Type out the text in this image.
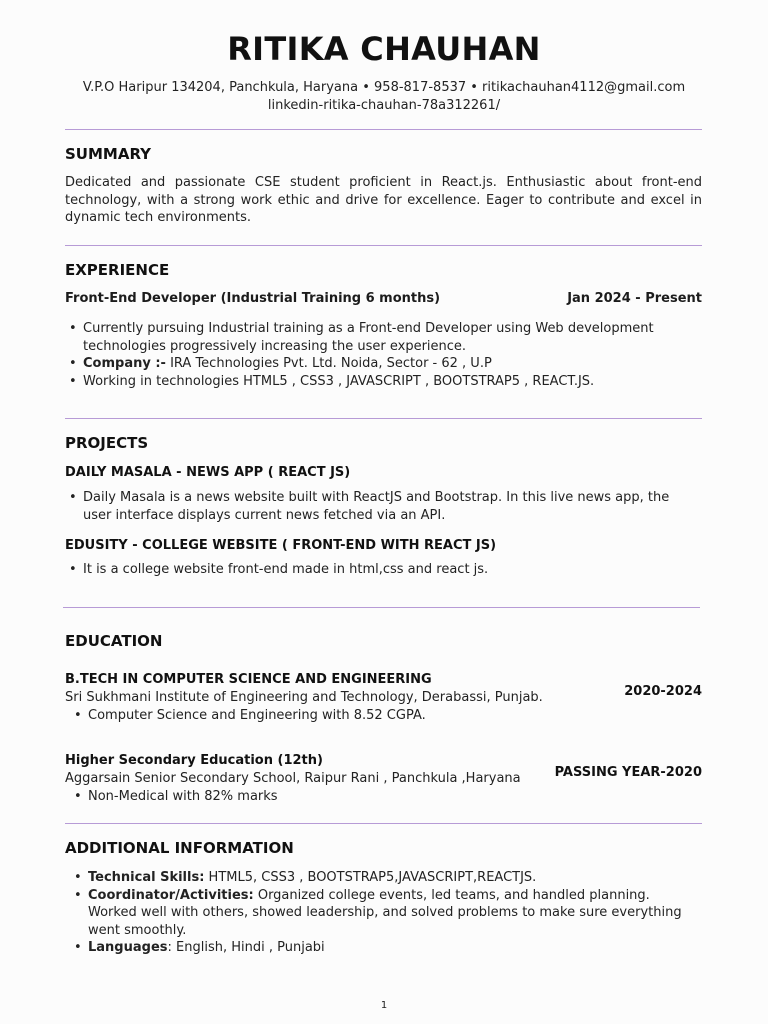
RITIKA CHAUHAN
V.P.O Haripur 134204, Panchkula, Haryana • 958-817-8537 • ritikachauhan4112@gmail.com
linkedin-ritika-chauhan-78a312261/
SUMMARY
Dedicated and passionate CSE student proficient in React.js. Enthusiastic about front-end technology, with a strong work ethic and drive for excellence. Eager to contribute and excel in dynamic tech environments.
EXPERIENCE
Front-End Developer (Industrial Training 6 months)	Jan 2024 - Present
• Currently pursuing Industrial training as a Front-end Developer using Web development technologies progressively increasing the user experience.
• Company :- IRA Technologies Pvt. Ltd. Noida, Sector - 62 , U.P
• Working in technologies HTML5 , CSS3 , JAVASCRIPT , BOOTSTRAP5 , REACT.JS.
PROJECTS
DAILY MASALA - NEWS APP ( REACT JS)
• Daily Masala is a news website built with ReactJS and Bootstrap. In this live news app, the user interface displays current news fetched via an API.
EDUSITY - COLLEGE WEBSITE ( FRONT-END WITH REACT JS)
• It is a college website front-end made in html,css and react js.
EDUCATION
B.TECH IN COMPUTER SCIENCE AND ENGINEERING
Sri Sukhmani Institute of Engineering and Technology, Derabassi, Punjab.	2020-2024
• Computer Science and Engineering with 8.52 CGPA.
Higher Secondary Education (12th)
Aggarsain Senior Secondary School, Raipur Rani , Panchkula ,Haryana	PASSING YEAR-2020
• Non-Medical with 82% marks
ADDITIONAL INFORMATION
• Technical Skills: HTML5, CSS3 , BOOTSTRAP5,JAVASCRIPT,REACTJS.
• Coordinator/Activities: Organized college events, led teams, and handled planning. Worked well with others, showed leadership, and solved problems to make sure everything went smoothly.
• Languages: English, Hindi , Punjabi
1
